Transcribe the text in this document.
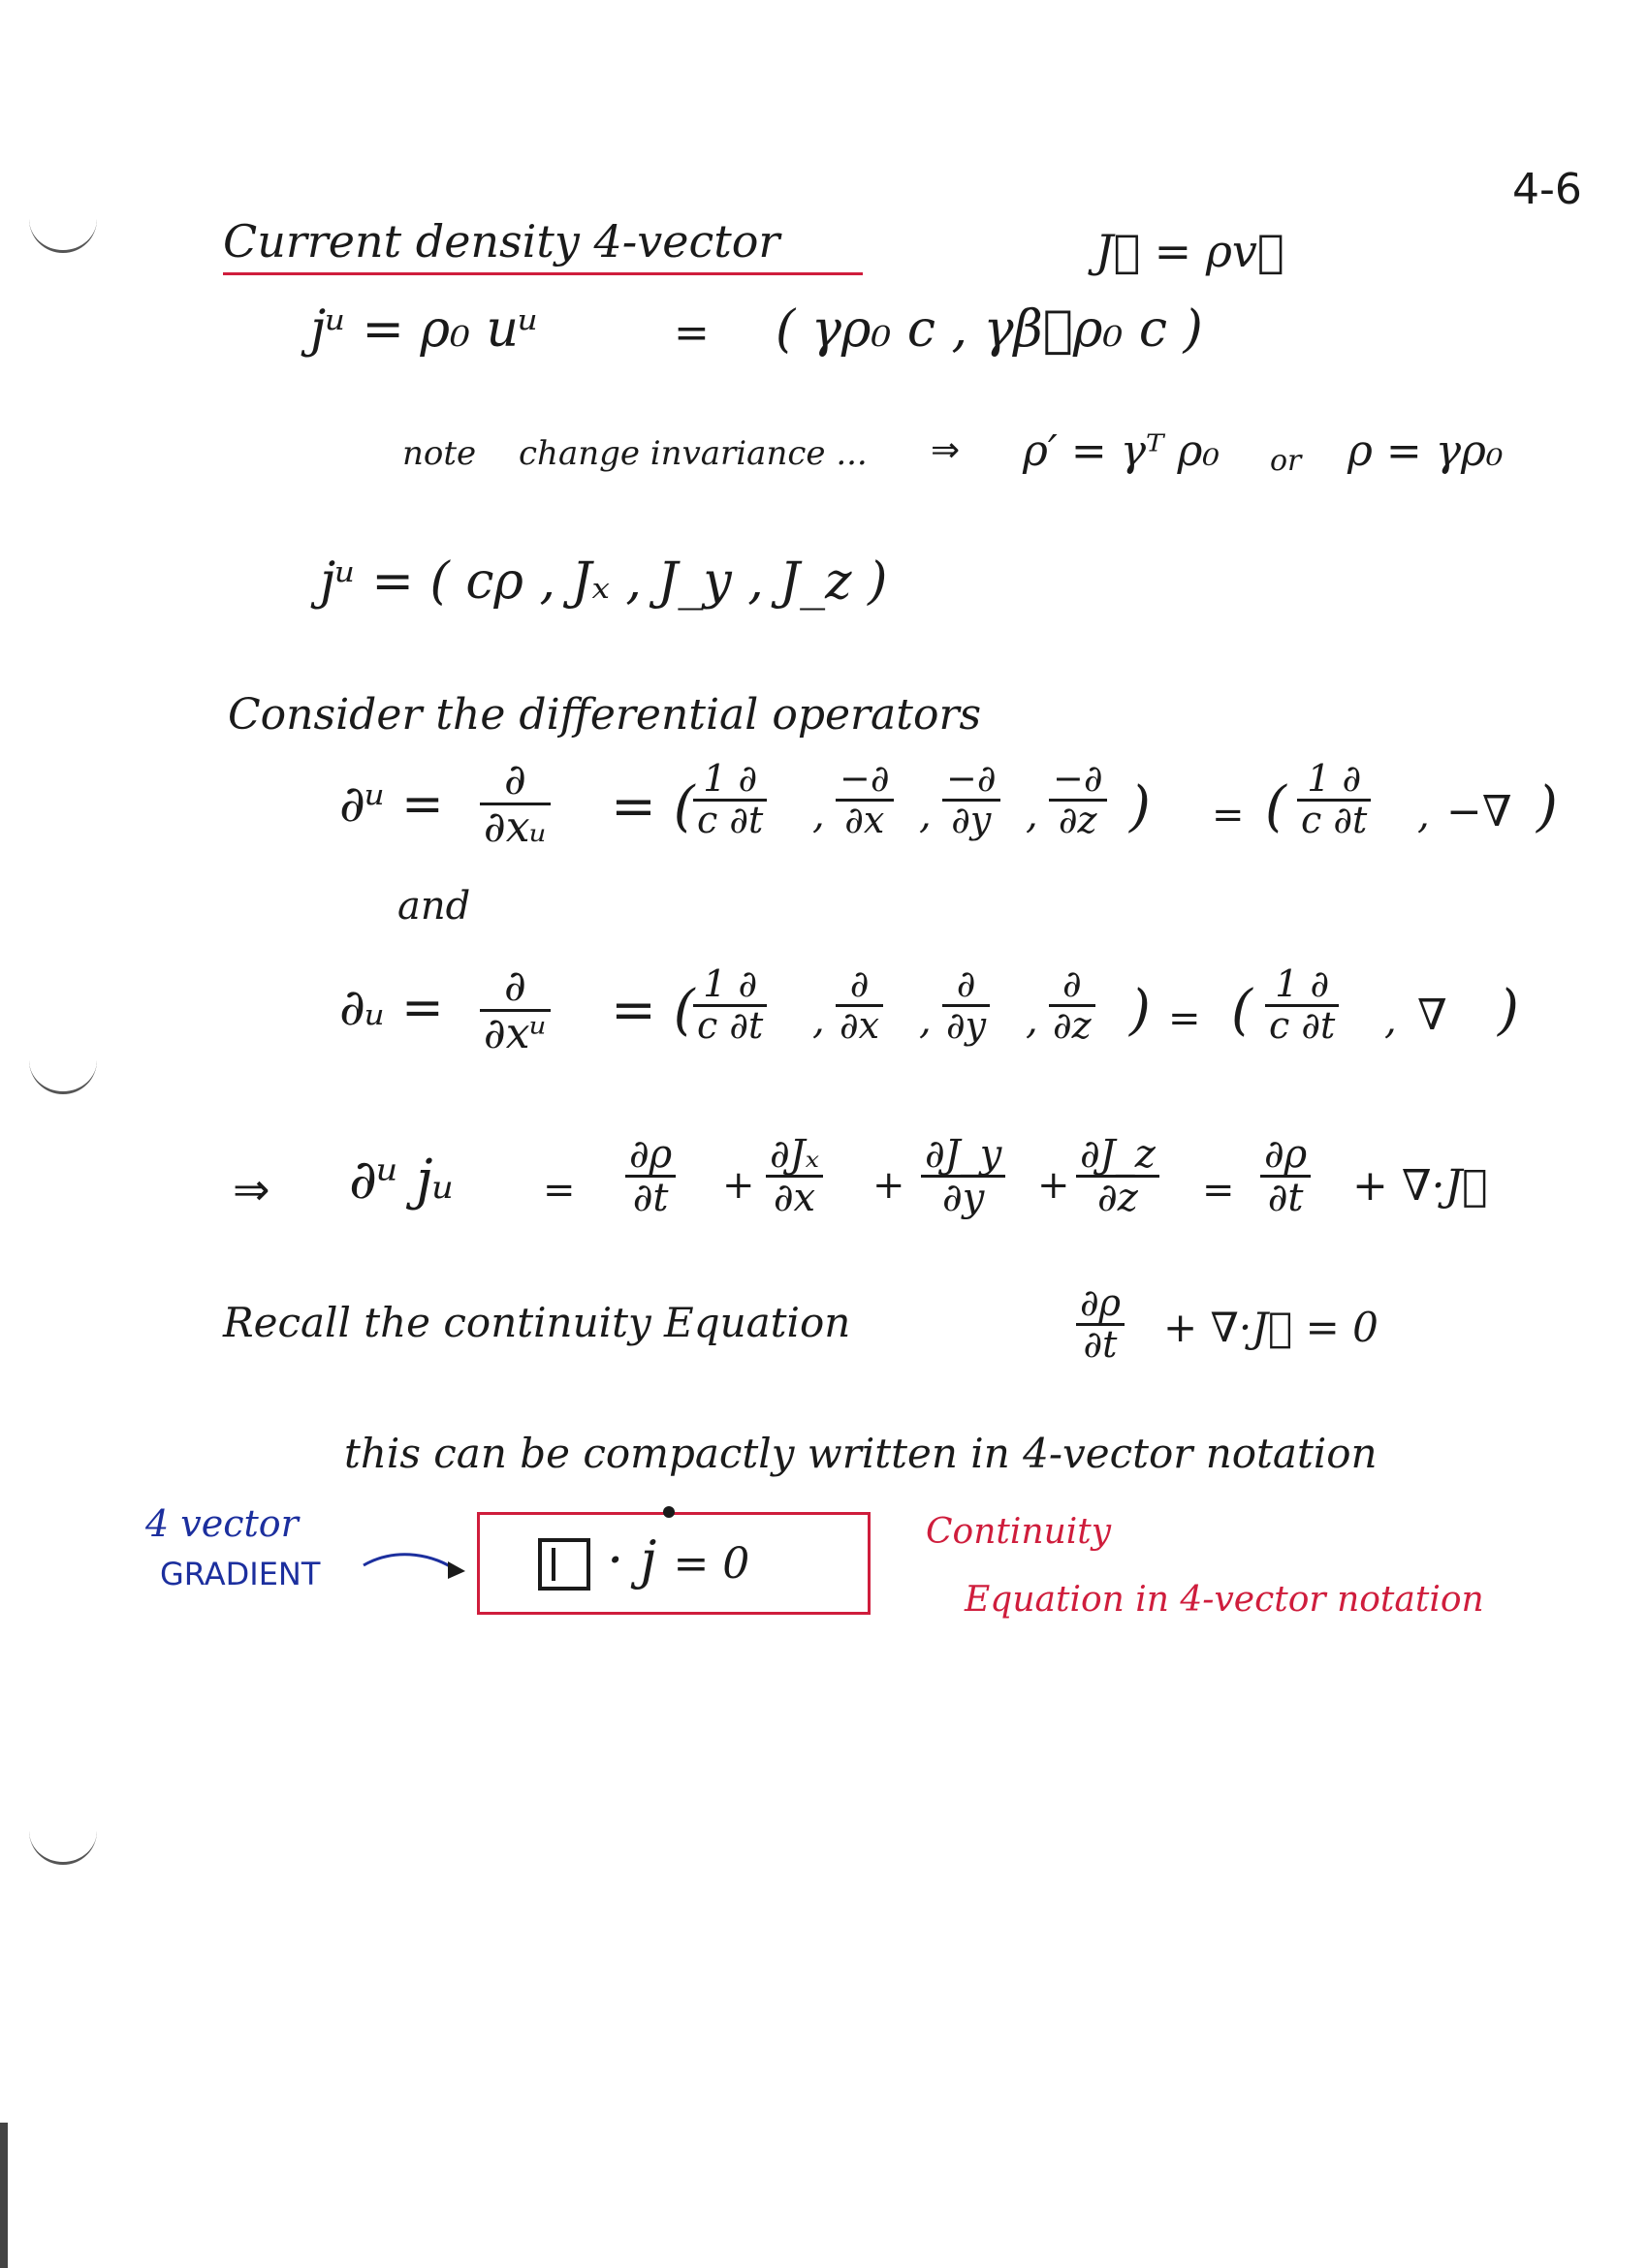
4-6
Current density 4-vector	J⃗ = ρv⃗
jᵘ = ρ₀ uᵘ	= ( γρ₀ c , γβ⃗ρ₀ c )
note change invariance ... ⇒ ρ′ = γᵀ ρ₀ or ρ = γρ₀
jᵘ = ( cρ , Jₓ , J_y , J_z )
Consider the differential operators
∂ᵘ = ∂
∂xᵤ = ( 1 ∂
c ∂t ,
−∂
∂x ,
−∂
∂y ,
−∂
∂z ) = ( 1 ∂
c ∂t , −∇ )
and
∂ᵤ = ∂
∂xᵘ = ( 1 ∂
c ∂t ,
∂
∂x ,
∂
∂y ,
∂
∂z ) = ( 1 ∂
c ∂t , ∇ )
⇒ ∂ᵘ jᵤ =
∂ρ
∂t +
∂Jₓ
∂x +
∂J_y
∂y +
∂J_z
∂z =
∂ρ
∂t + ∇·J⃗
Recall the continuity Equation	∂ρ
∂t + ∇·J⃗ = 0
this can be compactly written in 4-vector notation
4 vector
GRADIENT	· j = 0
Continuity
Equation in 4-vector notation
